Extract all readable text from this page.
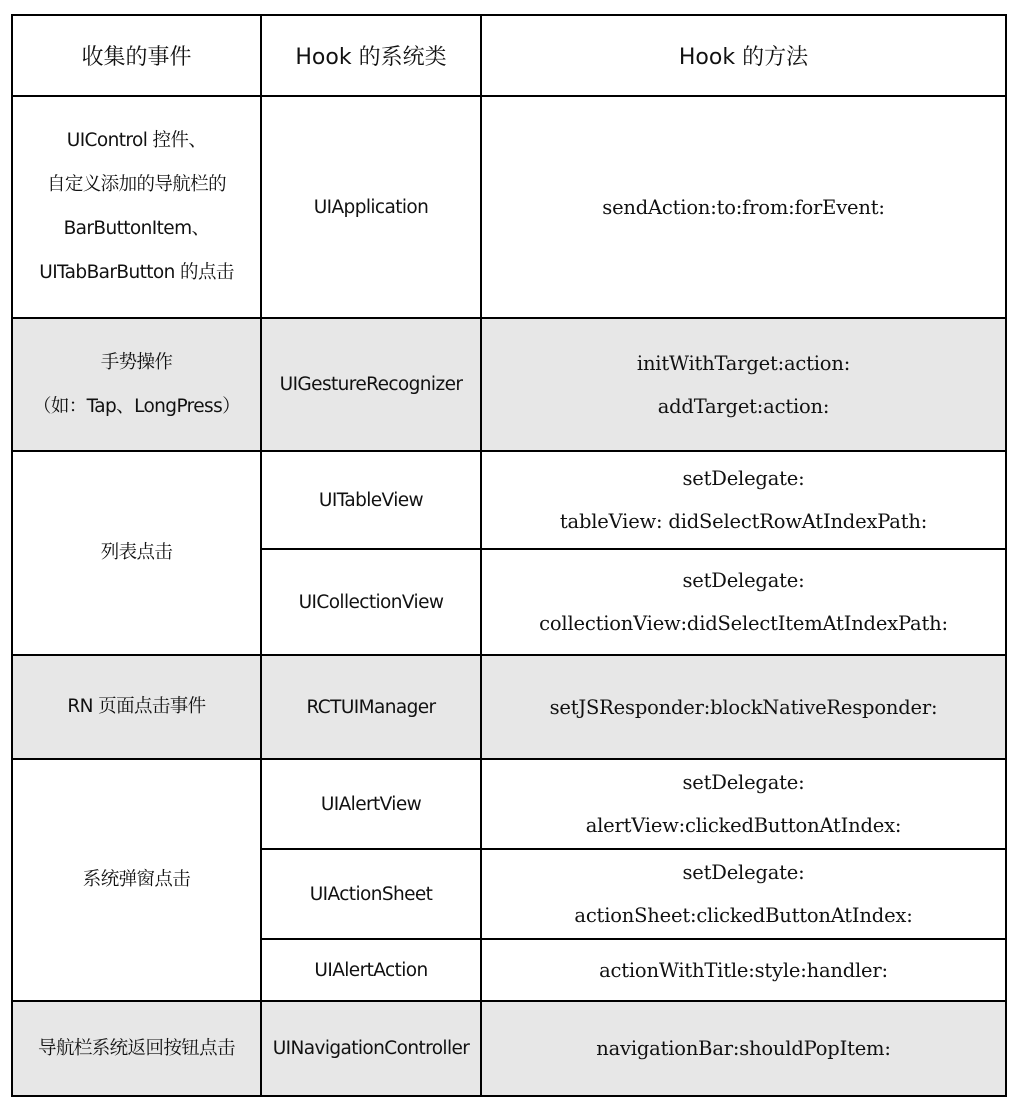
收集的事件	Hook 的系统类	Hook 的方法

UIControl 控件、
自定义添加的导航栏的
BarButtonItem、
UITabBarButton 的点击	UIApplication	sendAction:to:from:forEvent:

手势操作
（如：Tap、LongPress）	UIGestureRecognizer	initWithTarget:action:
addTarget:action:

列表点击	UITableView	setDelegate:
tableView: didSelectRowAtIndexPath:

	UICollectionView	setDelegate:
collectionView:didSelectItemAtIndexPath:

RN 页面点击事件	RCTUIManager	setJSResponder:blockNativeResponder:

系统弹窗点击	UIAlertView	setDelegate:
alertView:clickedButtonAtIndex:

	UIActionSheet	setDelegate:
actionSheet:clickedButtonAtIndex:

	UIAlertAction	actionWithTitle:style:handler:

导航栏系统返回按钮点击	UINavigationController	navigationBar:shouldPopItem:
